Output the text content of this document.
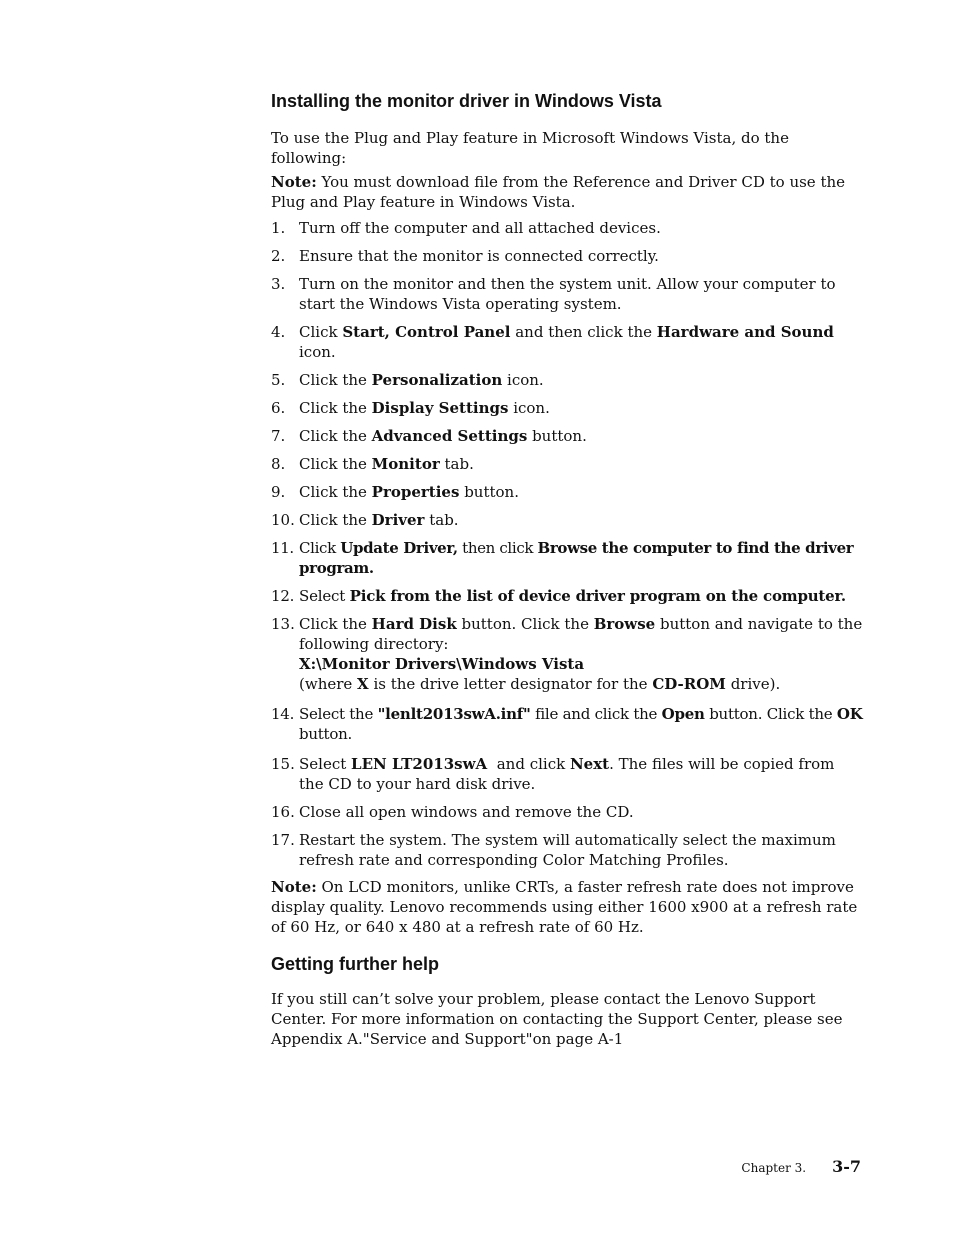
Installing the monitor driver in Windows Vista

To use the Plug and Play feature in Microsoft Windows Vista, do the following:

Note: You must download file from the Reference and Driver CD to use the Plug and Play feature in Windows Vista.

1. Turn off the computer and all attached devices.
2. Ensure that the monitor is connected correctly.
3. Turn on the monitor and then the system unit. Allow your computer to start the Windows Vista operating system.
4. Click Start, Control Panel and then click the Hardware and Sound icon.
5. Click the Personalization icon.
6. Click the Display Settings icon.
7. Click the Advanced Settings button.
8. Click the Monitor tab.
9. Click the Properties button.
10. Click the Driver tab.
11. Click Update Driver, then click Browse the computer to find the driver program.
12. Select Pick from the list of device driver program on the computer.
13. Click the Hard Disk button. Click the Browse button and navigate to the following directory:
X:\Monitor Drivers\Windows Vista
(where X is the drive letter designator for the CD-ROM drive).
14. Select the "lenlt2013swA.inf" file and click the Open button. Click the OK button.
15. Select LEN LT2013swA  and click Next. The files will be copied from the CD to your hard disk drive.
16. Close all open windows and remove the CD.
17. Restart the system. The system will automatically select the maximum refresh rate and corresponding Color Matching Profiles.

Note: On LCD monitors, unlike CRTs, a faster refresh rate does not improve display quality. Lenovo recommends using either 1600 x900 at a refresh rate of 60 Hz, or 640 x 480 at a refresh rate of 60 Hz.

Getting further help

If you still can’t solve your problem, please contact the Lenovo Support Center. For more information on contacting the Support Center, please see Appendix A."Service and Support"on page A-1

Chapter 3. 3-7
